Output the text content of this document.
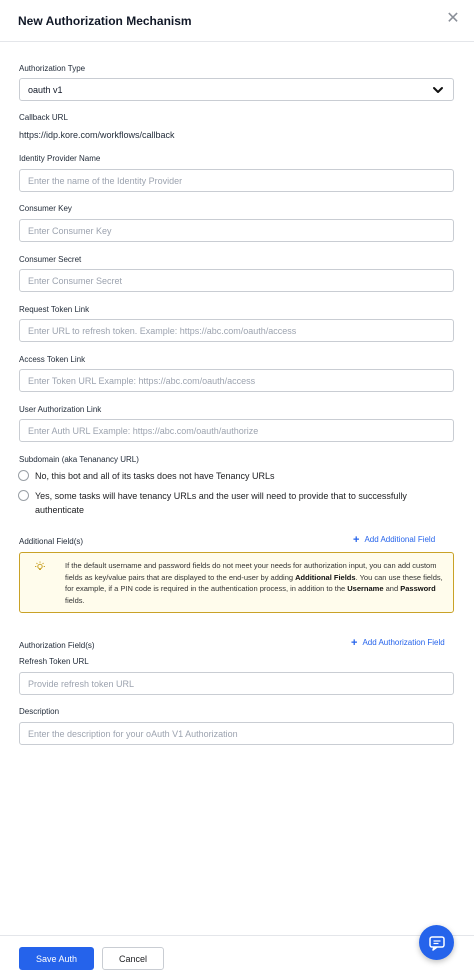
New Authorization Mechanism	✕
Authorization Type
oauth v1
Callback URL
https://idp.kore.com/workflows/callback
Identity Provider Name
Enter the name of the Identity Provider
Consumer Key
Enter Consumer Key
Consumer Secret
Enter Consumer Secret
Request Token Link
Enter URL to refresh token. Example: https://abc.com/oauth/access
Access Token Link
Enter Token URL Example: https://abc.com/oauth/access
User Authorization Link
Enter Auth URL Example: https://abc.com/oauth/authorize
Subdomain (aka Tenanancy URL)
No, this bot and all of its tasks does not have Tenancy URLs
Yes, some tasks will have tenancy URLs and the user will need to provide that to successfully authenticate
Additional Field(s)	+ Add Additional Field
If the default username and password fields do not meet your needs for authorization input, you can add custom fields as key/value pairs that are displayed to the end-user by adding Additional Fields. You can use these fields, for example, if a PIN code is required in the authentication process, in addition to the Username and Password fields.
Authorization Field(s)	+ Add Authorization Field
Refresh Token URL
Provide refresh token URL
Description
Enter the description for your oAuth V1 Authorization
Save Auth	Cancel
